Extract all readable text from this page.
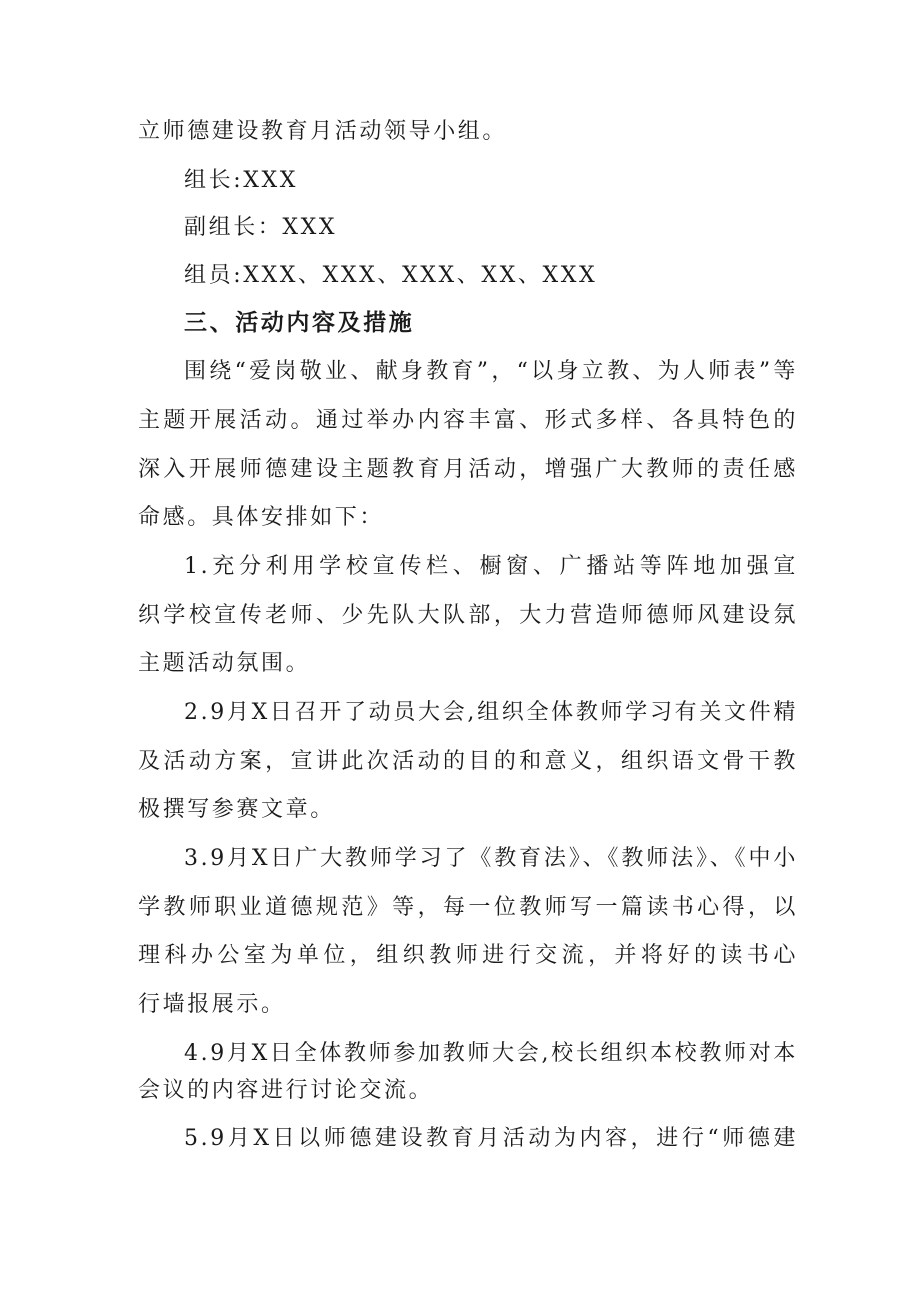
立师德建设教育月活动领导小组。
组长:XXX
副组长：XXX
组员:XXX、XXX、XXX、XX、XXX
三、活动内容及措施
围绕“爱岗敬业、献身教育”，“以身立教、为人师表”等
主题开展活动。通过举办内容丰富、形式多样、各具特色的
深入开展师德建设主题教育月活动，增强广大教师的责任感
命感。具体安排如下：
1.充分利用学校宣传栏、橱窗、广播站等阵地加强宣
织学校宣传老师、少先队大队部，大力营造师德师风建设氛
主题活动氛围。
2.9月X日召开了动员大会,组织全体教师学习有关文件精
及活动方案，宣讲此次活动的目的和意义，组织语文骨干教
极撰写参赛文章。
3.9月X日广大教师学习了《教育法》、《教师法》、《中小
学教师职业道德规范》等，每一位教师写一篇读书心得，以
理科办公室为单位，组织教师进行交流，并将好的读书心
行墙报展示。
4.9月X日全体教师参加教师大会,校长组织本校教师对本
会议的内容进行讨论交流。
5.9月X日以师德建设教育月活动为内容，进行“师德建
